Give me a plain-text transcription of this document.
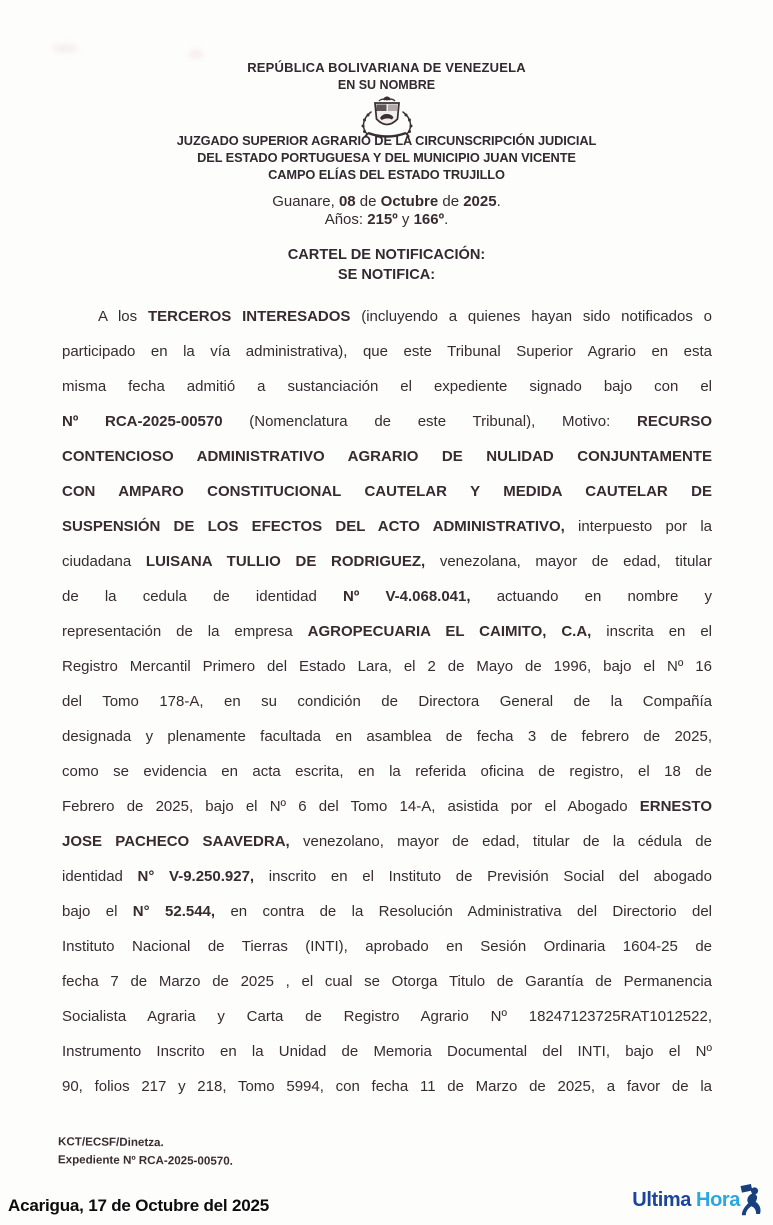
REPÚBLICA BOLIVARIANA DE VENEZUELA
EN SU NOMBRE
JUZGADO SUPERIOR AGRARIO DE LA CIRCUNSCRIPCIÓN JUDICIAL
DEL ESTADO PORTUGUESA Y DEL MUNICIPIO JUAN VICENTE
CAMPO ELÍAS DEL ESTADO TRUJILLO
Guanare, 08 de Octubre de 2025.
Años: 215º y 166º.
CARTEL DE NOTIFICACIÓN:
SE NOTIFICA:
A los TERCEROS INTERESADOS (incluyendo a quienes hayan sido notificados o
participado en la vía administrativa), que este Tribunal Superior Agrario en esta
misma fecha admitió a sustanciación el expediente signado bajo con el
Nº RCA-2025-00570 (Nomenclatura de este Tribunal), Motivo: RECURSO
CONTENCIOSO ADMINISTRATIVO AGRARIO DE NULIDAD CONJUNTAMENTE
CON AMPARO CONSTITUCIONAL CAUTELAR Y MEDIDA CAUTELAR DE
SUSPENSIÓN DE LOS EFECTOS DEL ACTO ADMINISTRATIVO, interpuesto por la
ciudadana LUISANA TULLIO DE RODRIGUEZ, venezolana, mayor de edad, titular
de la cedula de identidad Nº V-4.068.041, actuando en nombre y
representación de la empresa AGROPECUARIA EL CAIMITO, C.A, inscrita en el
Registro Mercantil Primero del Estado Lara, el 2 de Mayo de 1996, bajo el Nº 16
del Tomo 178-A, en su condición de Directora General de la Compañía
designada y plenamente facultada en asamblea de fecha 3 de febrero de 2025,
como se evidencia en acta escrita, en la referida oficina de registro, el 18 de
Febrero de 2025, bajo el Nº 6 del Tomo 14-A, asistida por el Abogado ERNESTO
JOSE PACHECO SAAVEDRA, venezolano, mayor de edad, titular de la cédula de
identidad N° V-9.250.927, inscrito en el Instituto de Previsión Social del abogado
bajo el N° 52.544, en contra de la Resolución Administrativa del Directorio del
Instituto Nacional de Tierras (INTI), aprobado en Sesión Ordinaria 1604-25 de
fecha 7 de Marzo de 2025 , el cual se Otorga Titulo de Garantía de Permanencia
Socialista Agraria y Carta de Registro Agrario Nº 18247123725RAT1012522,
Instrumento Inscrito en la Unidad de Memoria Documental del INTI, bajo el Nº
90, folios 217 y 218, Tomo 5994, con fecha 11 de Marzo de 2025, a favor de la
KCT/ECSF/Dinetza.
Expediente Nº RCA-2025-00570.
Acarigua, 17 de Octubre del 2025	Ultima Hora
